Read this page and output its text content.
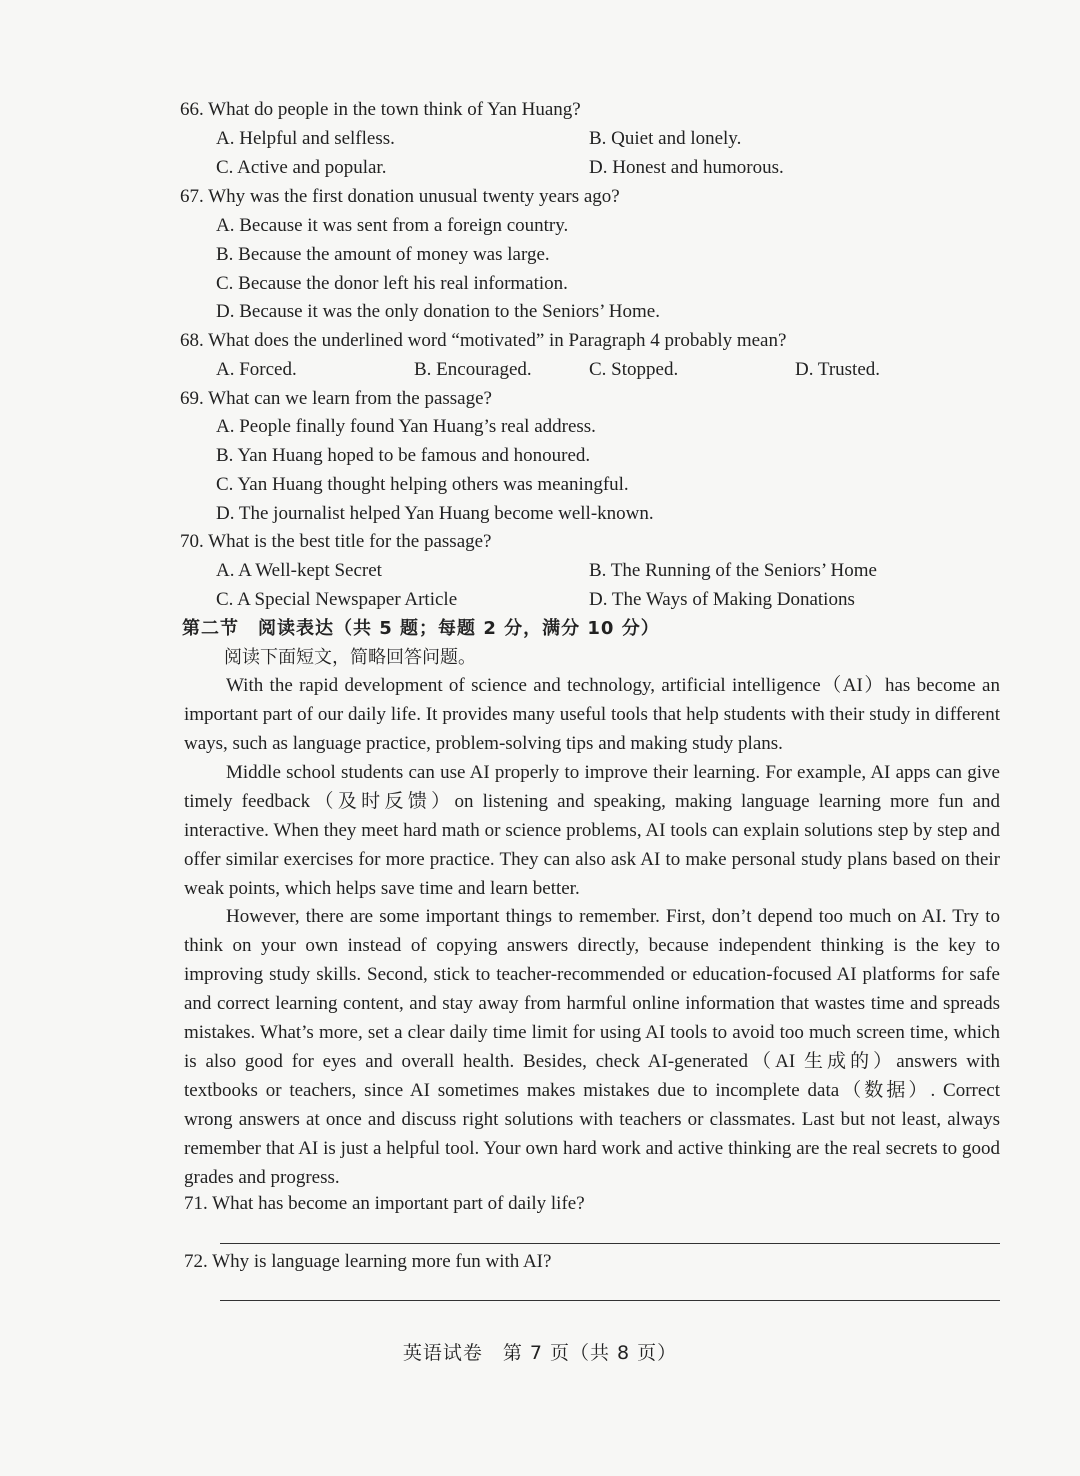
66. What do people in the town think of Yan Huang?
A. Helpful and selfless.	B. Quiet and lonely.
C. Active and popular.	D. Honest and humorous.
67. Why was the first donation unusual twenty years ago?
A. Because it was sent from a foreign country.
B. Because the amount of money was large.
C. Because the donor left his real information.
D. Because it was the only donation to the Seniors’ Home.
68. What does the underlined word “motivated” in Paragraph 4 probably mean?
A. Forced.	B. Encouraged.	C. Stopped.	D. Trusted.
69. What can we learn from the passage?
A. People finally found Yan Huang’s real address.
B. Yan Huang hoped to be famous and honoured.
C. Yan Huang thought helping others was meaningful.
D. The journalist helped Yan Huang become well-known.
70. What is the best title for the passage?
A. A Well-kept Secret	B. The Running of the Seniors’ Home
C. A Special Newspaper Article	D. The Ways of Making Donations
第二节　阅读表达（共 5 题；每题 2 分，满分 10 分）
阅读下面短文，简略回答问题。
With the rapid development of science and technology, artificial intelligence（AI）has become an important part of our daily life. It provides many useful tools that help students with their study in different ways, such as language practice, problem-solving tips and making study plans.
Middle school students can use AI properly to improve their learning. For example, AI apps can give timely feedback（及时反馈）on listening and speaking, making language learning more fun and interactive. When they meet hard math or science problems, AI tools can explain solutions step by step and offer similar exercises for more practice. They can also ask AI to make personal study plans based on their weak points, which helps save time and learn better.
However, there are some important things to remember. First, don’t depend too much on AI. Try to think on your own instead of copying answers directly, because independent thinking is the key to improving study skills. Second, stick to teacher-recommended or education-focused AI platforms for safe and correct learning content, and stay away from harmful online information that wastes time and spreads mistakes. What’s more, set a clear daily time limit for using AI tools to avoid too much screen time, which is also good for eyes and overall health. Besides, check AI-generated（AI 生成的）answers with textbooks or teachers, since AI sometimes makes mistakes due to incomplete data（数据）. Correct wrong answers at once and discuss right solutions with teachers or classmates. Last but not least, always remember that AI is just a helpful tool. Your own hard work and active thinking are the real secrets to good grades and progress.
71. What has become an important part of daily life?
72. Why is language learning more fun with AI?
英语试卷　第 7 页（共 8 页）
